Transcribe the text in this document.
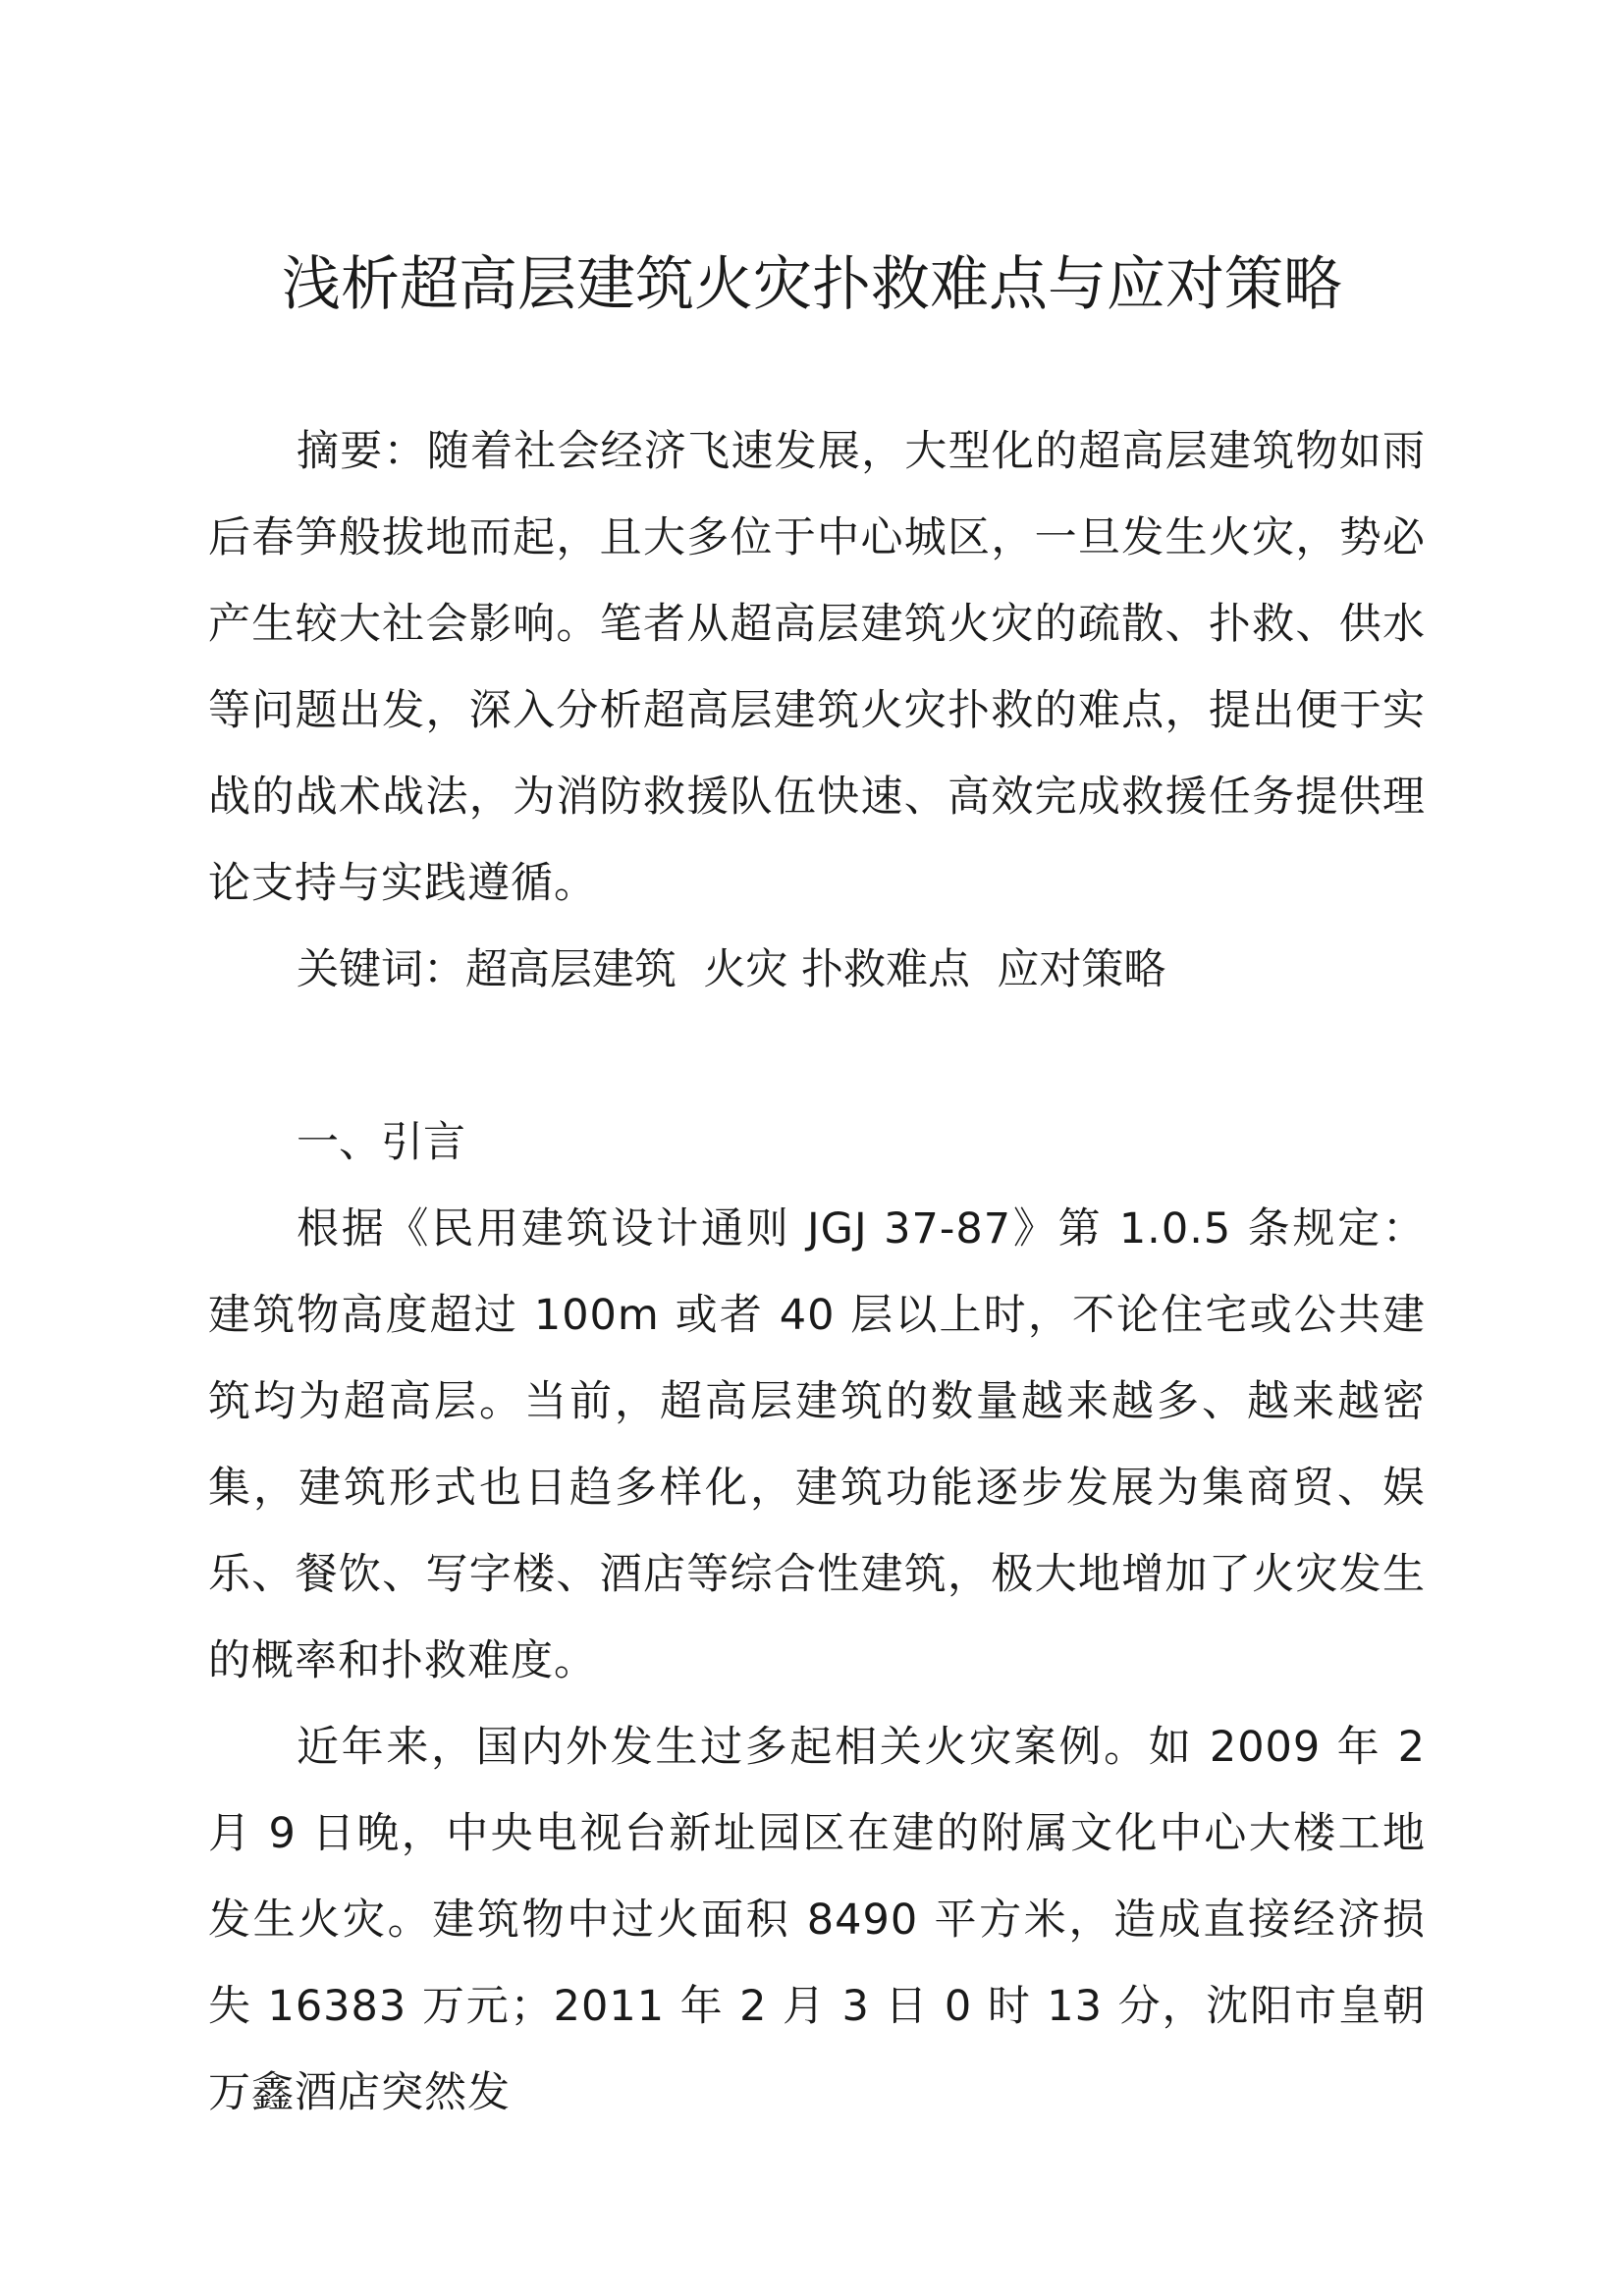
浅析超高层建筑火灾扑救难点与应对策略

摘要：随着社会经济飞速发展，大型化的超高层建筑物如雨后春笋般拔地而起，且大多位于中心城区，一旦发生火灾，势必产生较大社会影响。笔者从超高层建筑火灾的疏散、扑救、供水等问题出发，深入分析超高层建筑火灾扑救的难点，提出便于实战的战术战法，为消防救援队伍快速、高效完成救援任务提供理论支持与实践遵循。

关键词：超高层建筑  火灾 扑救难点  应对策略

一、引言

根据《民用建筑设计通则 JGJ 37-87》第 1.0.5 条规定：建筑物高度超过 100m 或者 40 层以上时，不论住宅或公共建筑均为超高层。当前，超高层建筑的数量越来越多、越来越密集，建筑形式也日趋多样化，建筑功能逐步发展为集商贸、娱乐、餐饮、写字楼、酒店等综合性建筑，极大地增加了火灾发生的概率和扑救难度。

近年来，国内外发生过多起相关火灾案例。如 2009 年 2 月 9 日晚，中央电视台新址园区在建的附属文化中心大楼工地发生火灾。建筑物中过火面积 8490 平方米，造成直接经济损失 16383 万元；2011 年 2 月 3 日 0 时 13 分，沈阳市皇朝万鑫酒店突然发
